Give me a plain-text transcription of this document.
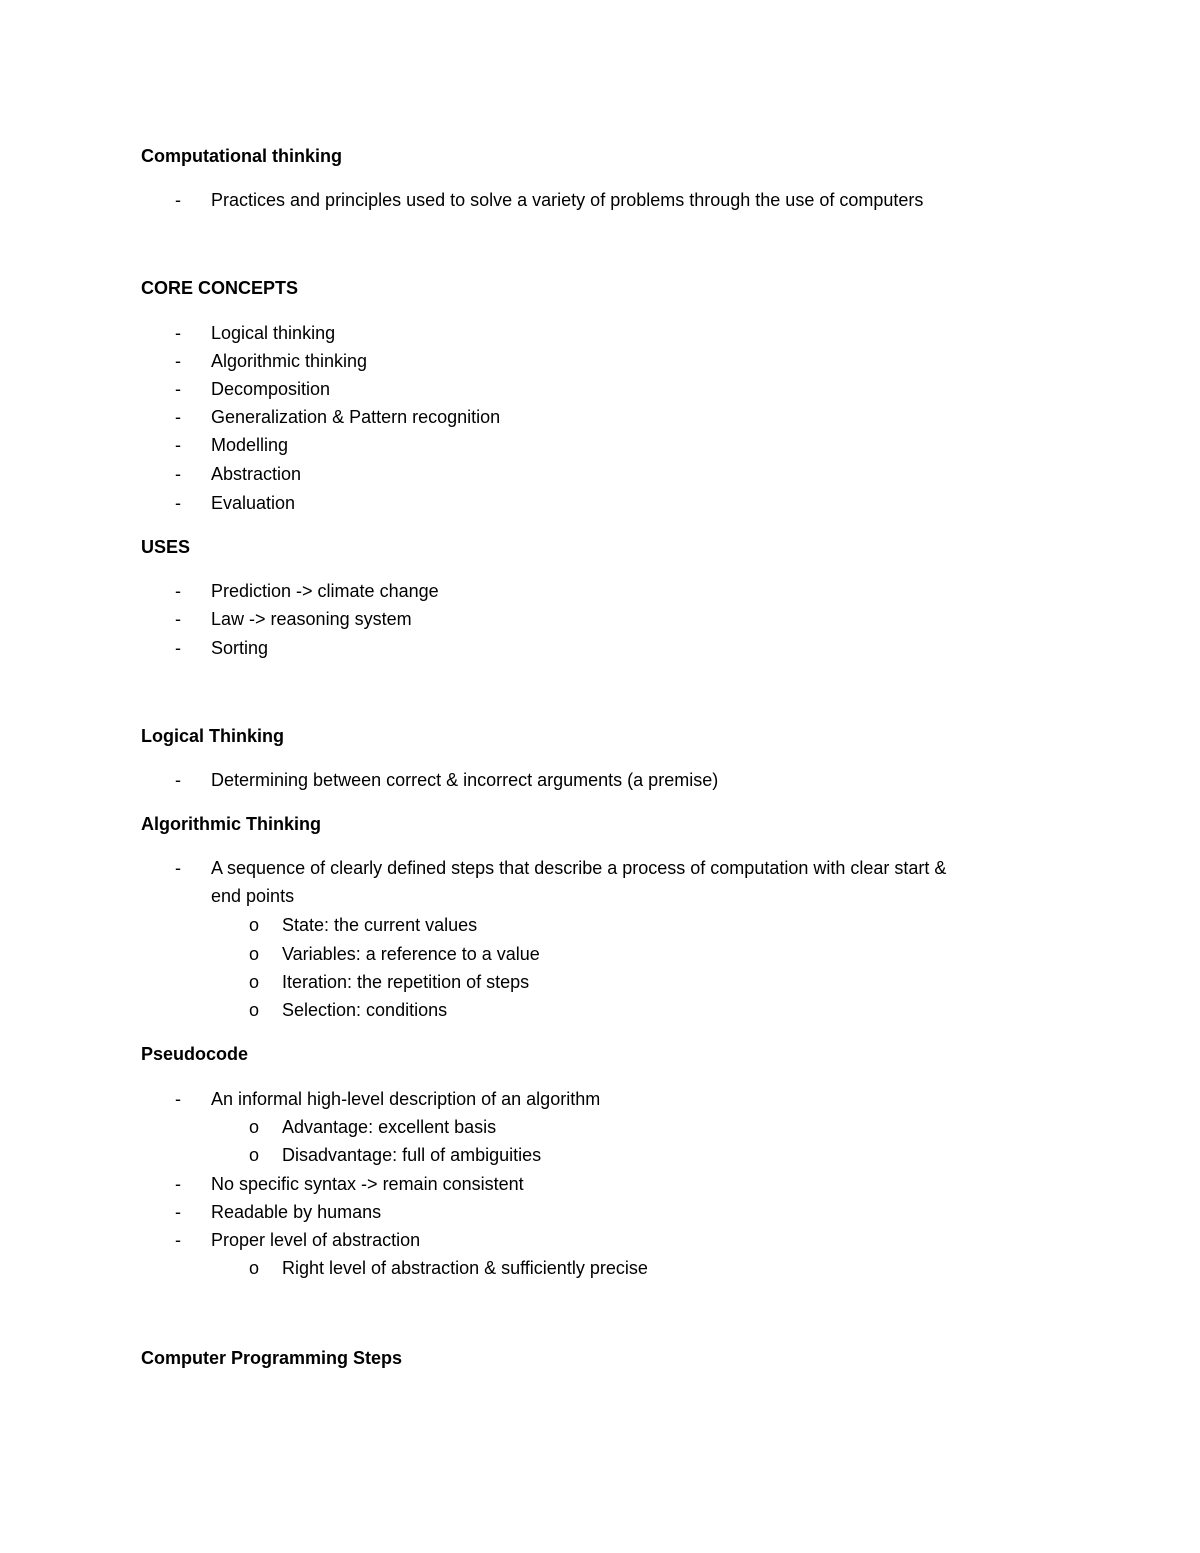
Computational thinking
- Practices and principles used to solve a variety of problems through the use of computers
CORE CONCEPTS
- Logical thinking
- Algorithmic thinking
- Decomposition
- Generalization & Pattern recognition
- Modelling
- Abstraction
- Evaluation
USES
- Prediction -> climate change
- Law -> reasoning system
- Sorting
Logical Thinking
- Determining between correct & incorrect arguments (a premise)
Algorithmic Thinking
- A sequence of clearly defined steps that describe a process of computation with clear start &
end points
o State: the current values
o Variables: a reference to a value
o Iteration: the repetition of steps
o Selection: conditions
Pseudocode
- An informal high-level description of an algorithm
o Advantage: excellent basis
o Disadvantage: full of ambiguities
- No specific syntax -> remain consistent
- Readable by humans
- Proper level of abstraction
o Right level of abstraction & sufficiently precise
Computer Programming Steps
